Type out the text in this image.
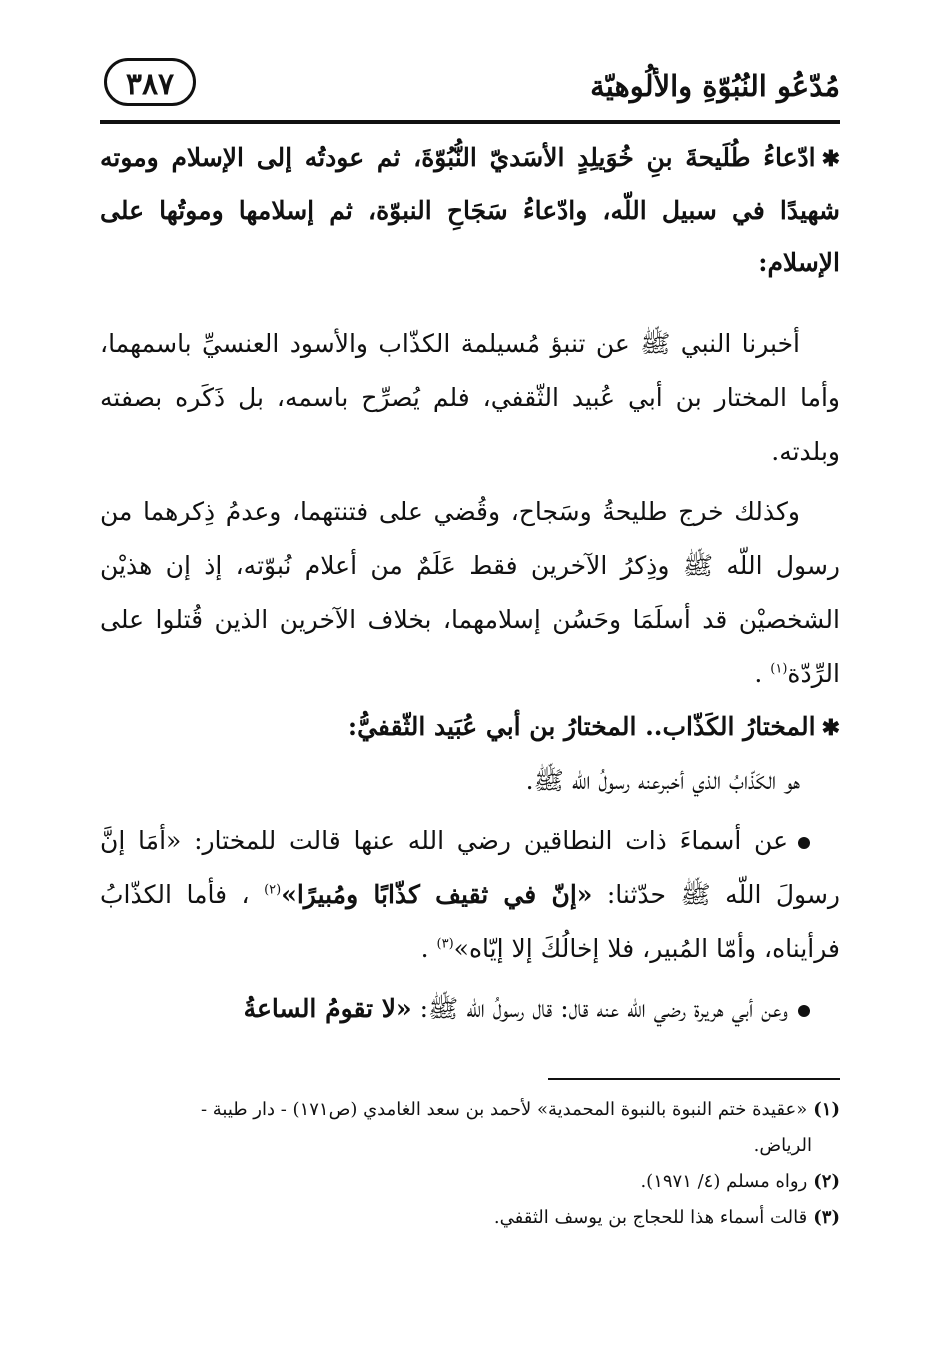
مُدّعُو النُبُوّةِ والألُوهيّة
٣٨٧

✱ادّعاءُ طُلَيحةَ بنِ خُوَيلِدٍ الأسَديّ النُّبُوّةَ، ثم عودتُه إلى الإسلام وموته شهيدًا في سبيل اللّه، وادّعاءُ سَجَاحِ النبوّة، ثم إسلامها وموتُها على الإسلام:

أخبرنا النبي ﷺ عن تنبؤ مُسيلمة الكذّاب والأسود العنسيِّ باسمهما، وأما المختار بن أبي عُبيد الثّقفي، فلم يُصرِّح باسمه، بل ذَكَره بصفته وبلدته.

وكذلك خرج طليحةُ وسَجاح، وقُضي على فتنتهما، وعدمُ ذِكرهما من رسول اللّه ﷺ وذِكرُ الآخرين فقط عَلَمٌ من أعلام نُبوّته، إذ إن هذيْن الشخصيْن قد أسلَمَا وحَسُن إسلامهما، بخلاف الآخرين الذين قُتلوا على الرِّدّة$^{(١)}$ .

✱المختارُ الكَذّاب.. المختارُ بن أبي عُبَيد الثّقفيُّ:

هو الكَذّابُ الذي أخبرعنه رسولُ اللّه ﷺ.

عن أسماءَ ذات النطاقين رضي الله عنها قالت للمختار: «أمَا إنَّ رسولَ اللّه ﷺ حدّثنا: «إنّ في ثقيف كذّابًا ومُبيرًا»$^{(٢)}$ ، فأما الكذّابُ فرأيناه، وأمّا المُبير، فلا إخالُكَ إلا إيّاه»$^{(٣)}$ .

وعن أبي هريرة رضي الله عنه قال: قال رسولُ اللّه ﷺ: «لا تقومُ الساعةُ

(١)«عقيدة ختم النبوة بالنبوة المحمدية» لأحمد بن سعد الغامدي (ص١٧١) - دار طيبة -

الرياض.

(٢)رواه مسلم (٤/ ١٩٧١).

(٣)قالت أسماء هذا للحجاج بن يوسف الثقفي.
